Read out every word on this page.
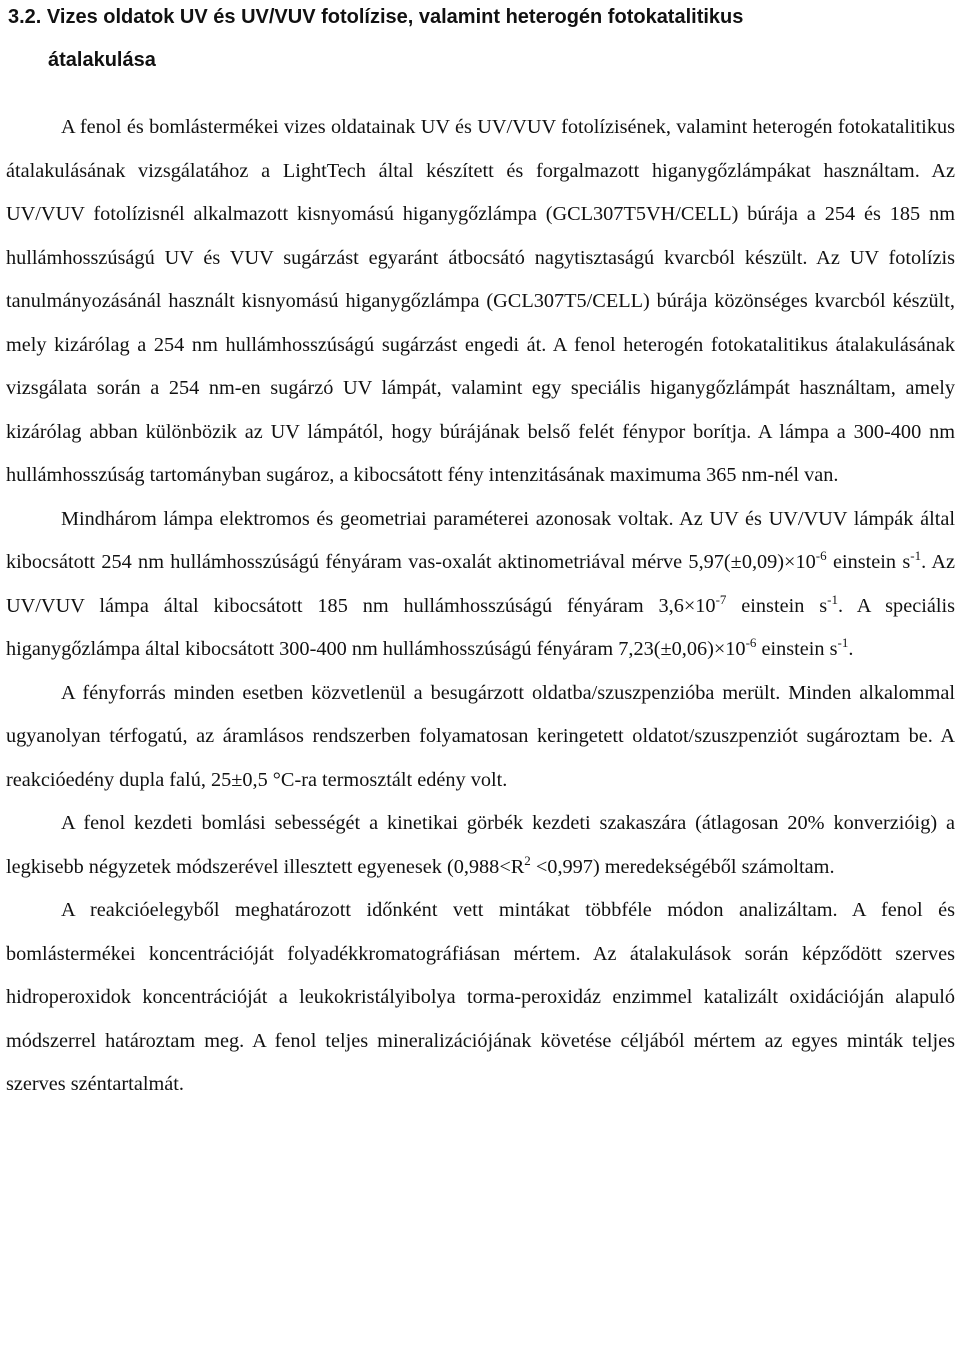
3.2. Vizes oldatok UV és UV/VUV fotolízise, valamint heterogén fotokatalitikus
átalakulása

A fenol és bomlástermékei vizes oldatainak UV és UV/VUV fotolízisének, valamint heterogén fotokatalitikus átalakulásának vizsgálatához a LightTech által készített és forgalmazott higanygőzlámpákat használtam. Az UV/VUV fotolízisnél alkalmazott kisnyomású higanygőzlámpa (GCL307T5VH/CELL) búrája a 254 és 185 nm hullámhosszúságú UV és VUV sugárzást egyaránt átbocsátó nagytisztaságú kvarcból készült. Az UV fotolízis tanulmányozásánál használt kisnyomású higanygőzlámpa (GCL307T5/CELL) búrája közönséges kvarcból készült, mely kizárólag a 254 nm hullámhosszúságú sugárzást engedi át. A fenol heterogén fotokatalitikus átalakulásának vizsgálata során a 254 nm-en sugárzó UV lámpát, valamint egy speciális higanygőzlámpát használtam, amely kizárólag abban különbözik az UV lámpától, hogy búrájának belső felét fénypor borítja. A lámpa a 300-400 nm hullámhosszúság tartományban sugároz, a kibocsátott fény intenzitásának maximuma 365 nm-nél van.

Mindhárom lámpa elektromos és geometriai paraméterei azonosak voltak. Az UV és UV/VUV lámpák által kibocsátott 254 nm hullámhosszúságú fényáram vas-oxalát aktinometriával mérve $5,97(\pm 0,09)\times 10^{-6}$ einstein $s^{-1}$. Az UV/VUV lámpa által kibocsátott 185 nm hullámhosszúságú fényáram $3,6\times 10^{-7}$ einstein $s^{-1}$. A speciális higanygőzlámpa által kibocsátott 300-400 nm hullámhosszúságú fényáram $7,23(\pm 0,06)\times 10^{-6}$ einstein $s^{-1}$.

A fényforrás minden esetben közvetlenül a besugárzott oldatba/szuszpenzióba merült. Minden alkalommal ugyanolyan térfogatú, az áramlásos rendszerben folyamatosan keringetett oldatot/szuszpenziót sugároztam be. A reakcióedény dupla falú, 25±0,5 °C-ra termosztált edény volt.

A fenol kezdeti bomlási sebességét a kinetikai görbék kezdeti szakaszára (átlagosan 20% konverzióig) a legkisebb négyzetek módszerével illesztett egyenesek $(0,988<R^2 <0,997)$ meredekségéből számoltam.

A reakcióelegyből meghatározott időnként vett mintákat többféle módon analizáltam. A fenol és bomlástermékei koncentrációját folyadékkromatográfiásan mértem. Az átalakulások során képződött szerves hidroperoxidok koncentrációját a leukokristályibolya torma-peroxidáz enzimmel katalizált oxidációján alapuló módszerrel határoztam meg. A fenol teljes mineralizációjának követése céljából mértem az egyes minták teljes szerves széntartalmát.
